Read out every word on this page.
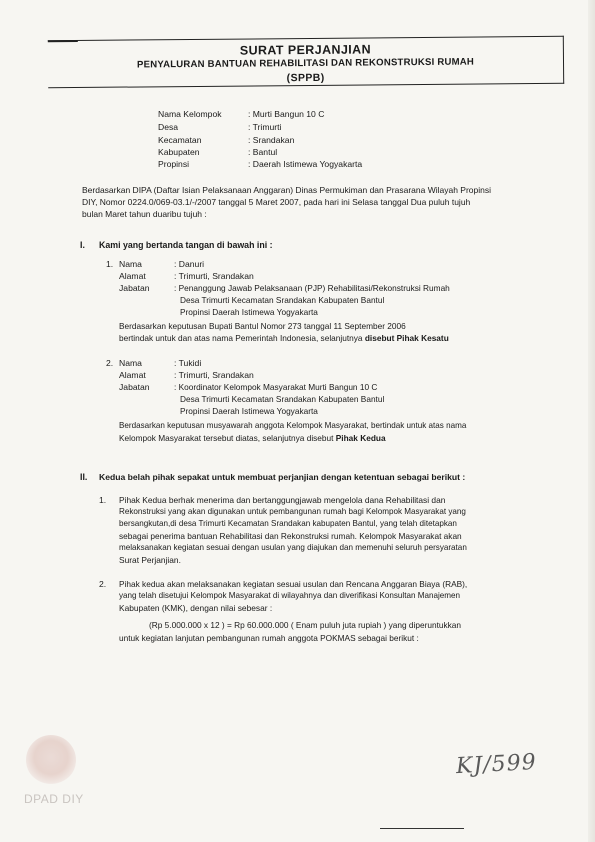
SURAT PERJANJIAN
PENYALURAN BANTUAN REHABILITASI DAN REKONSTRUKSI RUMAH
(SPPB)
Nama Kelompok	: Murti Bangun 10 C
Desa	: Trimurti
Kecamatan	: Srandakan
Kabupaten	: Bantul
Propinsi	: Daerah Istimewa Yogyakarta
Berdasarkan DIPA (Daftar Isian Pelaksanaan Anggaran) Dinas Permukiman dan Prasarana Wilayah Propinsi
DIY, Nomor 0224.0/069-03.1/-/2007 tanggal 5 Maret 2007, pada hari ini Selasa tanggal Dua puluh tujuh
bulan Maret tahun duaribu tujuh :
I. Kami yang bertanda tangan di bawah ini :
1. Nama	: Danuri
Alamat	: Trimurti, Srandakan
Jabatan	: Penanggung Jawab Pelaksanaan (PJP) Rehabilitasi/Rekonstruksi Rumah
Desa Trimurti Kecamatan Srandakan Kabupaten Bantul
Propinsi Daerah Istimewa Yogyakarta
Berdasarkan keputusan Bupati Bantul Nomor 273 tanggal 11 September 2006
bertindak untuk dan atas nama Pemerintah Indonesia, selanjutnya disebut Pihak Kesatu
2. Nama	: Tukidi
Alamat	: Trimurti, Srandakan
Jabatan	: Koordinator Kelompok Masyarakat Murti Bangun 10 C
Desa Trimurti Kecamatan Srandakan Kabupaten Bantul
Propinsi Daerah Istimewa Yogyakarta
Berdasarkan keputusan musyawarah anggota Kelompok Masyarakat, bertindak untuk atas nama
Kelompok Masyarakat tersebut diatas, selanjutnya disebut Pihak Kedua
II. Kedua belah pihak sepakat untuk membuat perjanjian dengan ketentuan sebagai berikut :
1. Pihak Kedua berhak menerima dan bertanggungjawab mengelola dana Rehabilitasi dan
Rekonstruksi yang akan digunakan untuk pembangunan rumah bagi Kelompok Masyarakat yang
bersangkutan,di desa Trimurti Kecamatan Srandakan kabupaten Bantul, yang telah ditetapkan
sebagai penerima bantuan Rehabilitasi dan Rekonstruksi rumah. Kelompok Masyarakat akan
melaksanakan kegiatan sesuai dengan usulan yang diajukan dan memenuhi seluruh persyaratan
Surat Perjanjian.
2. Pihak kedua akan melaksanakan kegiatan sesuai usulan dan Rencana Anggaran Biaya (RAB),
yang telah disetujui Kelompok Masyarakat di wilayahnya dan diverifikasi Konsultan Manajemen
Kabupaten (KMK), dengan nilai sebesar :
(Rp 5.000.000 x 12 ) = Rp 60.000.000 ( Enam puluh juta rupiah ) yang diperuntukkan
untuk kegiatan lanjutan pembangunan rumah anggota POKMAS sebagai berikut :
DPAD DIY
KJ/599
